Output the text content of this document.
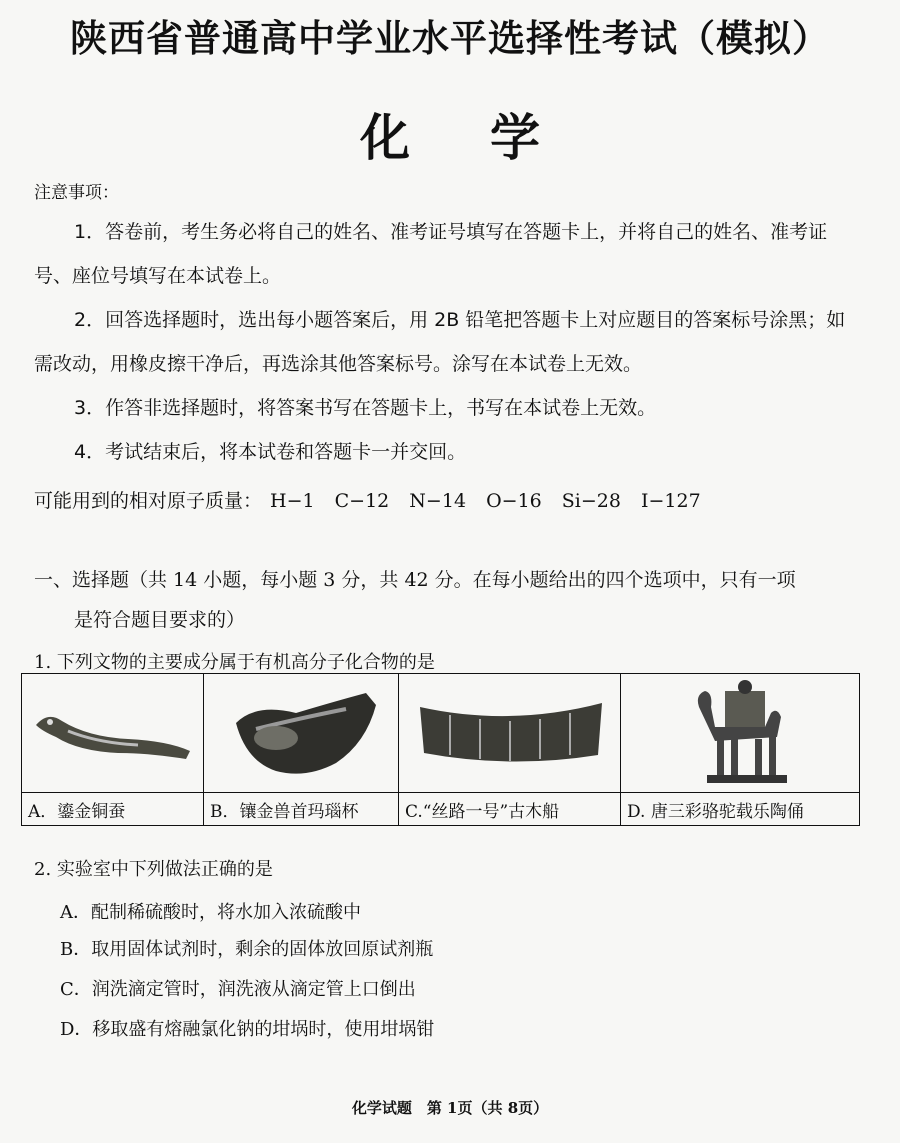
陕西省普通高中学业水平选择性考试（模拟）
化 学
注意事项：

1．答卷前，考生务必将自己的姓名、准考证号填写在答题卡上，并将自己的姓名、准考证号、座位号填写在本试卷上。

2．回答选择题时，选出每小题答案后，用 2B 铅笔把答题卡上对应题目的答案标号涂黑；如需改动，用橡皮擦干净后，再选涂其他答案标号。涂写在本试卷上无效。

3．作答非选择题时，将答案书写在答题卡上，书写在本试卷上无效。

4．考试结束后，将本试卷和答题卡一并交回。

可能用到的相对原子质量： H−1 C−12 N−14 O−16 Si−28 I−127
一、选择题（共 14 小题，每小题 3 分，共 42 分。在每小题给出的四个选项中，只有一项
是符合题目要求的）
1. 下列文物的主要成分属于有机高分子化合物的是

A．鎏金铜蚕	B．镶金兽首玛瑙杯	C.“丝路一号”古木船	D. 唐三彩骆驼载乐陶俑
2. 实验室中下列做法正确的是
A．配制稀硫酸时，将水加入浓硫酸中
B．取用固体试剂时，剩余的固体放回原试剂瓶
C．润洗滴定管时，润洗液从滴定管上口倒出
D．移取盛有熔融氯化钠的坩埚时，使用坩埚钳
化学试题　第 1页（共 8页）
